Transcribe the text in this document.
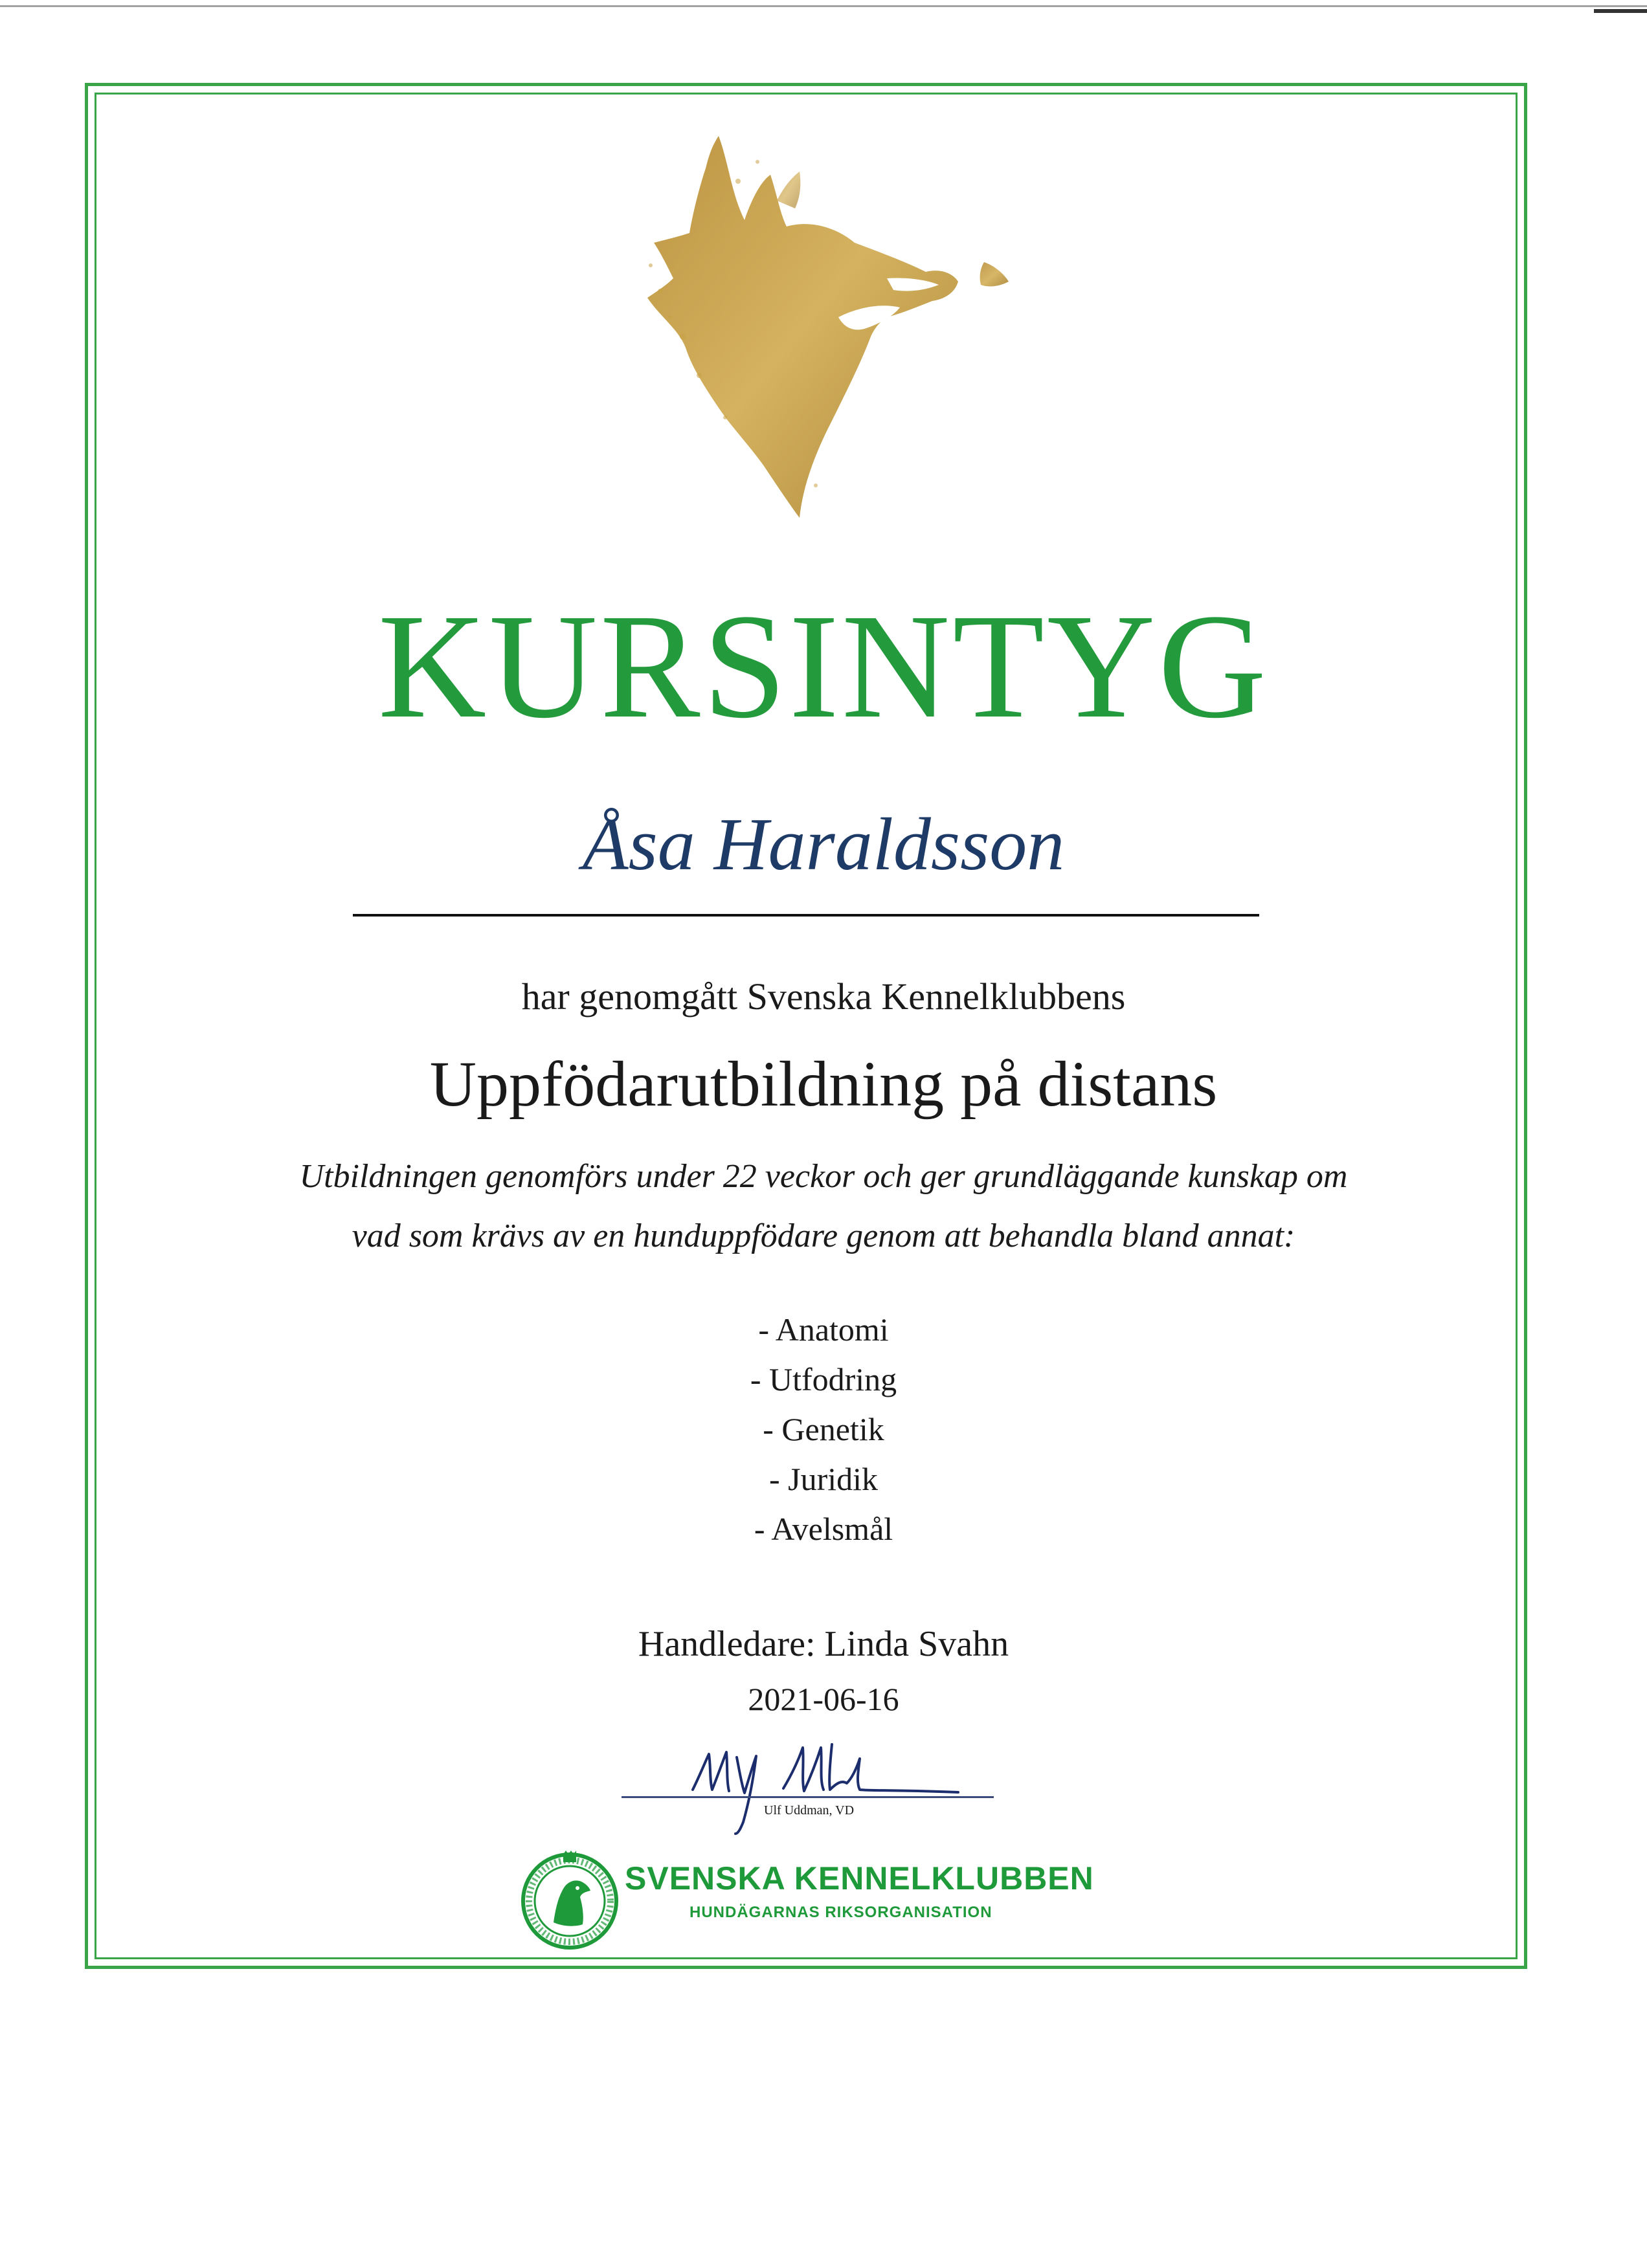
KURSINTYG
Åsa Haraldsson
har genomgått Svenska Kennelklubbens
Uppfödarutbildning på distans
Utbildningen genomförs under 22 veckor och ger grundläggande kunskap om
vad som krävs av en hunduppfödare genom att behandla bland annat:
- Anatomi
- Utfodring
- Genetik
- Juridik
- Avelsmål
Handledare: Linda Svahn
2021-06-16
Ulf Uddman, VD
SVENSKA KENNELKLUBBEN
HUNDÄGARNAS RIKSORGANISATION
